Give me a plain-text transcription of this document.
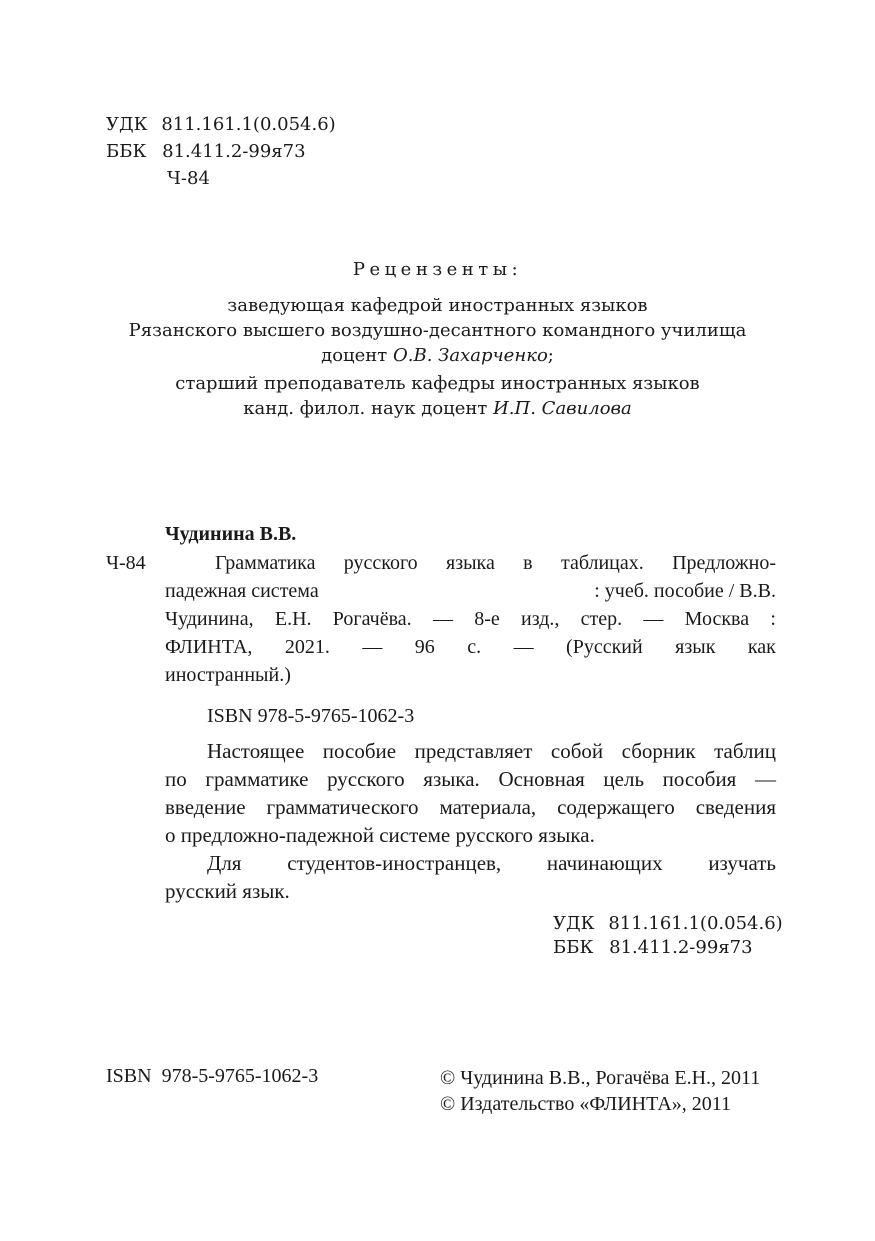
УДК 811.161.1(0.054.6)
ББК 81.411.2-99я73
Ч-84
Рецензенты:
заведующая кафедрой иностранных языков
Рязанского высшего воздушно-десантного командного училища
доцент О.В. Захарченко;
старший преподаватель кафедры иностранных языков
канд. филол. наук доцент И.П. Савилова
Чудинина В.В.
Ч-84	Грамматика русского языка в таблицах. Предложно-
падежная система	: учеб. пособие / В.В.
Чудинина, Е.Н. Рогачёва. — 8-е изд., стер. — Москва :
ФЛИНТА, 2021. — 96 с. — (Русский язык как
иностранный.)
ISBN 978-5-9765-1062-3
Настоящее пособие представляет собой сборник таблиц
по грамматике русского языка. Основная цель пособия —
введение грамматического материала, содержащего сведения
о предложно-падежной системе русского языка.
Для студентов-иностранцев, начинающих изучать
русский язык.
УДК 811.161.1(0.054.6)
ББК 81.411.2-99я73
ISBN  978-5-9765-1062-3	© Чудинина В.В., Рогачёва Е.Н., 2011
© Издательство «ФЛИНТА», 2011
